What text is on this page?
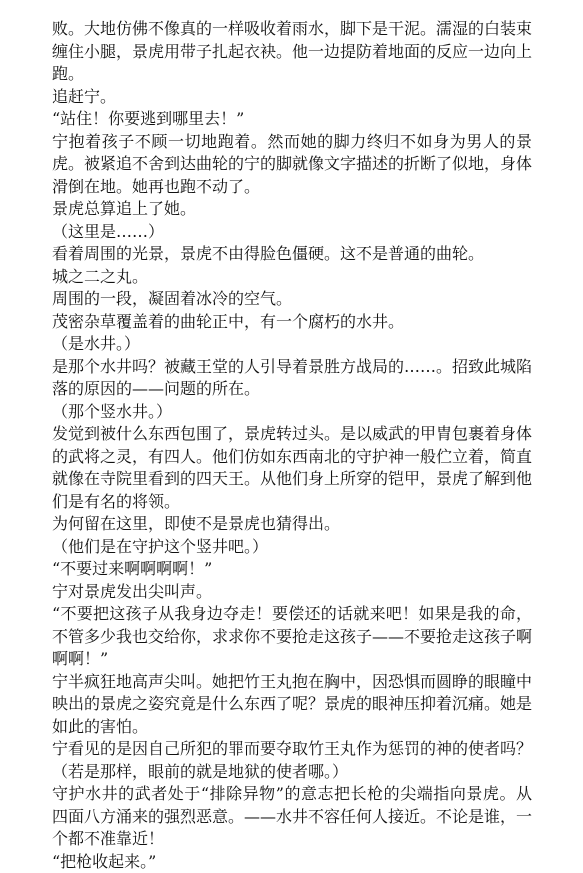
败。大地仿佛不像真的一样吸收着雨水，脚下是干泥。濡湿的白装束缠住小腿，景虎用带子扎起衣袂。他一边提防着地面的反应一边向上跑。

追赶宁。

“站住！你要逃到哪里去！”

宁抱着孩子不顾一切地跑着。然而她的脚力终归不如身为男人的景虎。被紧追不舍到达曲轮的宁的脚就像文字描述的折断了似地，身体滑倒在地。她再也跑不动了。

景虎总算追上了她。

（这里是……）

看着周围的光景，景虎不由得脸色僵硬。这不是普通的曲轮。

城之二之丸。

周围的一段，凝固着冰冷的空气。

茂密杂草覆盖着的曲轮正中，有一个腐朽的水井。

（是水井。）

是那个水井吗？被藏王堂的人引导着景胜方战局的……。招致此城陷落的原因的——问题的所在。

（那个竖水井。）

发觉到被什么东西包围了，景虎转过头。是以威武的甲胄包裹着身体的武将之灵，有四人。他们仿如东西南北的守护神一般伫立着，简直就像在寺院里看到的四天王。从他们身上所穿的铠甲，景虎了解到他们是有名的将领。

为何留在这里，即使不是景虎也猜得出。

（他们是在守护这个竖井吧。）

“不要过来啊啊啊啊！”

宁对景虎发出尖叫声。

“不要把这孩子从我身边夺走！要偿还的话就来吧！如果是我的命，不管多少我也交给你，求求你不要抢走这孩子——不要抢走这孩子啊啊啊！”

宁半疯狂地高声尖叫。她把竹王丸抱在胸中，因恐惧而圆睁的眼瞳中映出的景虎之姿究竟是什么东西了呢？景虎的眼神压抑着沉痛。她是如此的害怕。

宁看见的是因自己所犯的罪而要夺取竹王丸作为惩罚的神的使者吗？

（若是那样，眼前的就是地狱的使者哪。）

守护水井的武者处于“排除异物”的意志把长枪的尖端指向景虎。从四面八方涌来的强烈恶意。——水井不容任何人接近。不论是谁，一个都不准靠近！

“把枪收起来。”
